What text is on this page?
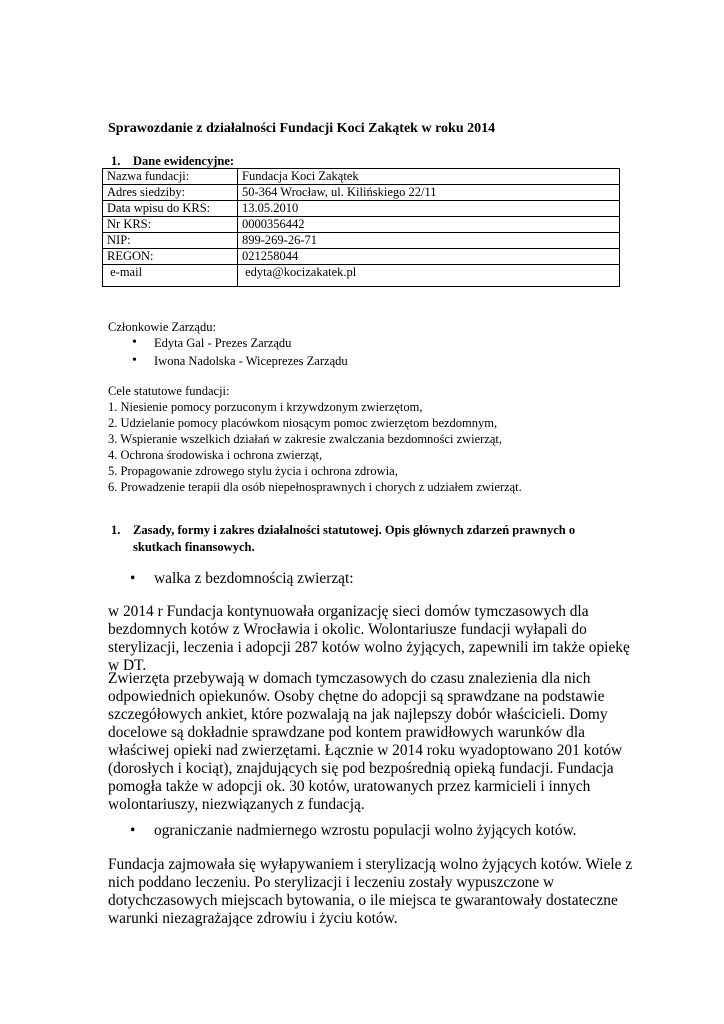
Sprawozdanie z działalności Fundacji Koci Zakątek w roku 2014
1. Dane ewidencyjne:
Nazwa fundacji:	Fundacja Koci Zakątek
Adres siedziby:	50-364 Wrocław, ul. Kilińskiego 22/11
Data wpisu do KRS:	13.05.2010
Nr KRS:	0000356442
NIP:	899-269-26-71
REGON:	021258044
e-mail	edyta@kocizakatek.pl

Członkowie Zarządu:

• Edyta Gal - Prezes Zarządu
• Iwona Nadolska - Wiceprezes Zarządu

Cele statutowe fundacji:

1. Niesienie pomocy porzuconym i krzywdzonym zwierzętom,

2. Udzielanie pomocy placówkom niosącym pomoc zwierzętom bezdomnym,

3. Wspieranie wszelkich działań w zakresie zwalczania bezdomności zwierząt,

4. Ochrona środowiska i ochrona zwierząt,

5. Propagowanie zdrowego stylu życia i ochrona zdrowia,

6. Prowadzenie terapii dla osób niepełnosprawnych i chorych z udziałem zwierząt.

1. Zasady, formy i zakres działalności statutowej. Opis głównych zdarzeń prawnych o
skutkach finansowych.
• walka z bezdomnością zwierząt:

w 2014 r Fundacja kontynuowała organizację sieci domów tymczasowych dla bezdomnych kotów z Wrocławia i okolic. Wolontariusze fundacji wyłapali do sterylizacji, leczenia i adopcji 287 kotów wolno żyjących, zapewnili im także opiekę w DT.

Zwierzęta przebywają w domach tymczasowych do czasu znalezienia dla nich odpowiednich opiekunów. Osoby chętne do adopcji są sprawdzane na podstawie szczegółowych ankiet, które pozwalają na jak najlepszy dobór właścicieli. Domy docelowe są dokładnie sprawdzane pod kontem prawidłowych warunków dla właściwej opieki nad zwierzętami. Łącznie w 2014 roku wyadoptowano 201 kotów (dorosłych i kociąt), znajdujących się pod bezpośrednią opieką fundacji. Fundacja pomogła także w adopcji ok. 30 kotów, uratowanych przez karmicieli i innych wolontariuszy, niezwiązanych z fundacją.

• ograniczanie nadmiernego wzrostu populacji wolno żyjących kotów.

Fundacja zajmowała się wyłapywaniem i sterylizacją wolno żyjących kotów. Wiele z nich poddano leczeniu. Po sterylizacji i leczeniu zostały wypuszczone w dotychczasowych miejscach bytowania, o ile miejsca te gwarantowały dostateczne warunki niezagrażające zdrowiu i życiu kotów.
